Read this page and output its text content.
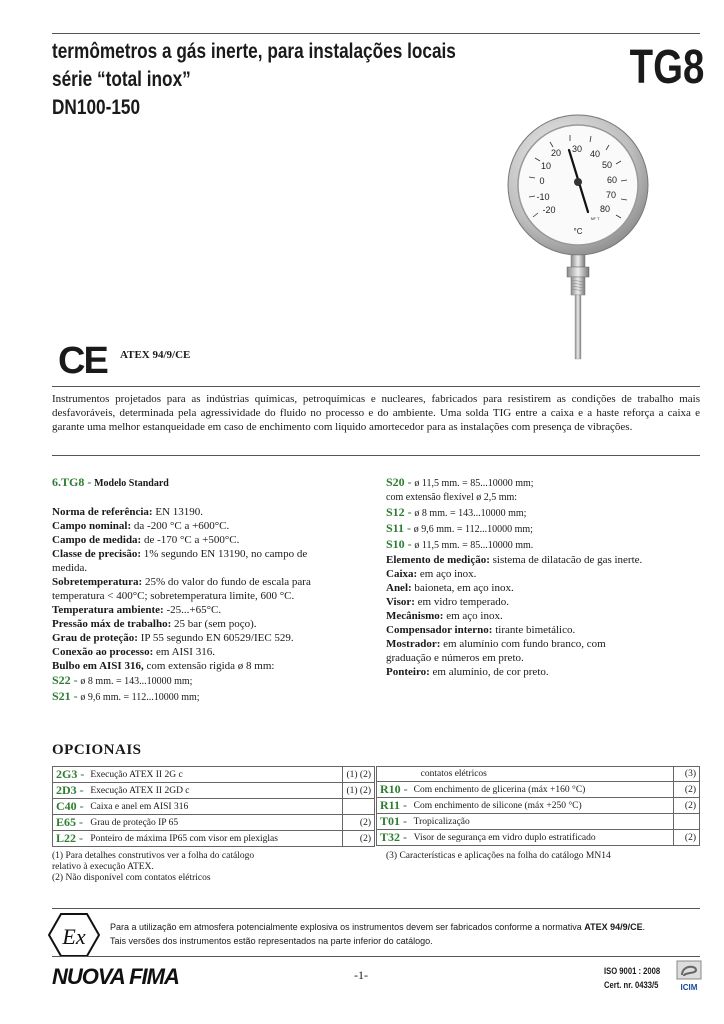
termômetros a gás inerte, para instalações locais
série “total inox”
DN100-150
TG8
20
10
0
-10
-20
30 40
50
60
70
80
°C
NF T
CE ATEX 94/9/CE
Instrumentos projetados para as indústrias químicas, petroquímicas e nucleares, fabricados para resistirem as condições de trabalho mais desfavoráveis, determinada pela agressividade do fluido no processo e do ambiente. Uma solda TIG entre a caixa e a haste reforça a caixa e garante uma melhor estanqueidade em caso de enchimento com liquido amortecedor para as instalações com presença de vibrações.
6.TG8 - Modelo Standard
Norma de referência: EN 13190.
Campo nominal: da -200 °C a +600°C.
Campo de medida: de -170 °C a +500°C.
Classe de precisão: 1% segundo EN 13190, no campo de
medida.
Sobretemperatura: 25% do valor do fundo de escala para
temperatura < 400°C; sobretemperatura limite, 600 °C.
Temperatura ambiente: -25...+65°C.
Pressão máx de trabalho: 25 bar (sem poço).
Grau de proteção: IP 55 segundo EN 60529/IEC 529.
Conexão ao processo: em AISI 316.
Bulbo em AISI 316, com extensão rigida ø 8 mm:
S22 - ø 8 mm. = 143...10000 mm;
S21 - ø 9,6 mm. = 112...10000 mm;
S20 - ø 11,5 mm. = 85...10000 mm;
com extensão flexível ø 2,5 mm:
S12 - ø 8 mm. = 143...10000 mm;
S11 - ø 9,6 mm. = 112...10000 mm;
S10 - ø 11,5 mm. = 85...10000 mm.
Elemento de medição: sistema de dilatacão de gas inerte.
Caixa: em aço inox.
Anel: baioneta, em aço inox.
Visor: em vidro temperado.
Mecânismo: em aço inox.
Compensador interno: tirante bimetálico.
Mostrador: em alumínio com fundo branco, com
graduação e números em preto.
Ponteiro: em alumínio, de cor preto.
OPCIONAIS
2G3 -	Execução ATEX II 2G c	(1) (2)
2D3 -	Execução ATEX II 2GD c	(1) (2)
C40 -	Caixa e anel em AISI 316	
E65 -	Grau de proteção IP 65	(2)
L22 -	Ponteiro de máxima IP65 com visor em plexiglas	(2)
	contatos elétricos	(3)
R10 -	Com enchimento de glicerina (máx +160 °C)	(2)
R11 -	Com enchimento de silicone (máx +250 °C)	(2)
T01 -	Tropicalização	
T32 -	Visor de segurança em vidro duplo estratificado	(2)
(1) Para detalhes construtivos ver a folha do catálogo
relativo à execução ATEX.
(2) Não disponível com contatos elétricos
(3) Características e aplicações na folha do catálogo MN14
Ex	Para a utilização em atmosfera potencialmente explosiva os instrumentos devem ser fabricados conforme a normativa ATEX 94/9/CE.
Tais versões dos instrumentos estão representados na parte inferior do catálogo.
NUOVA FIMA	-1-	ISO 9001 : 2008
Cert. nr. 0433/5	ICIM
